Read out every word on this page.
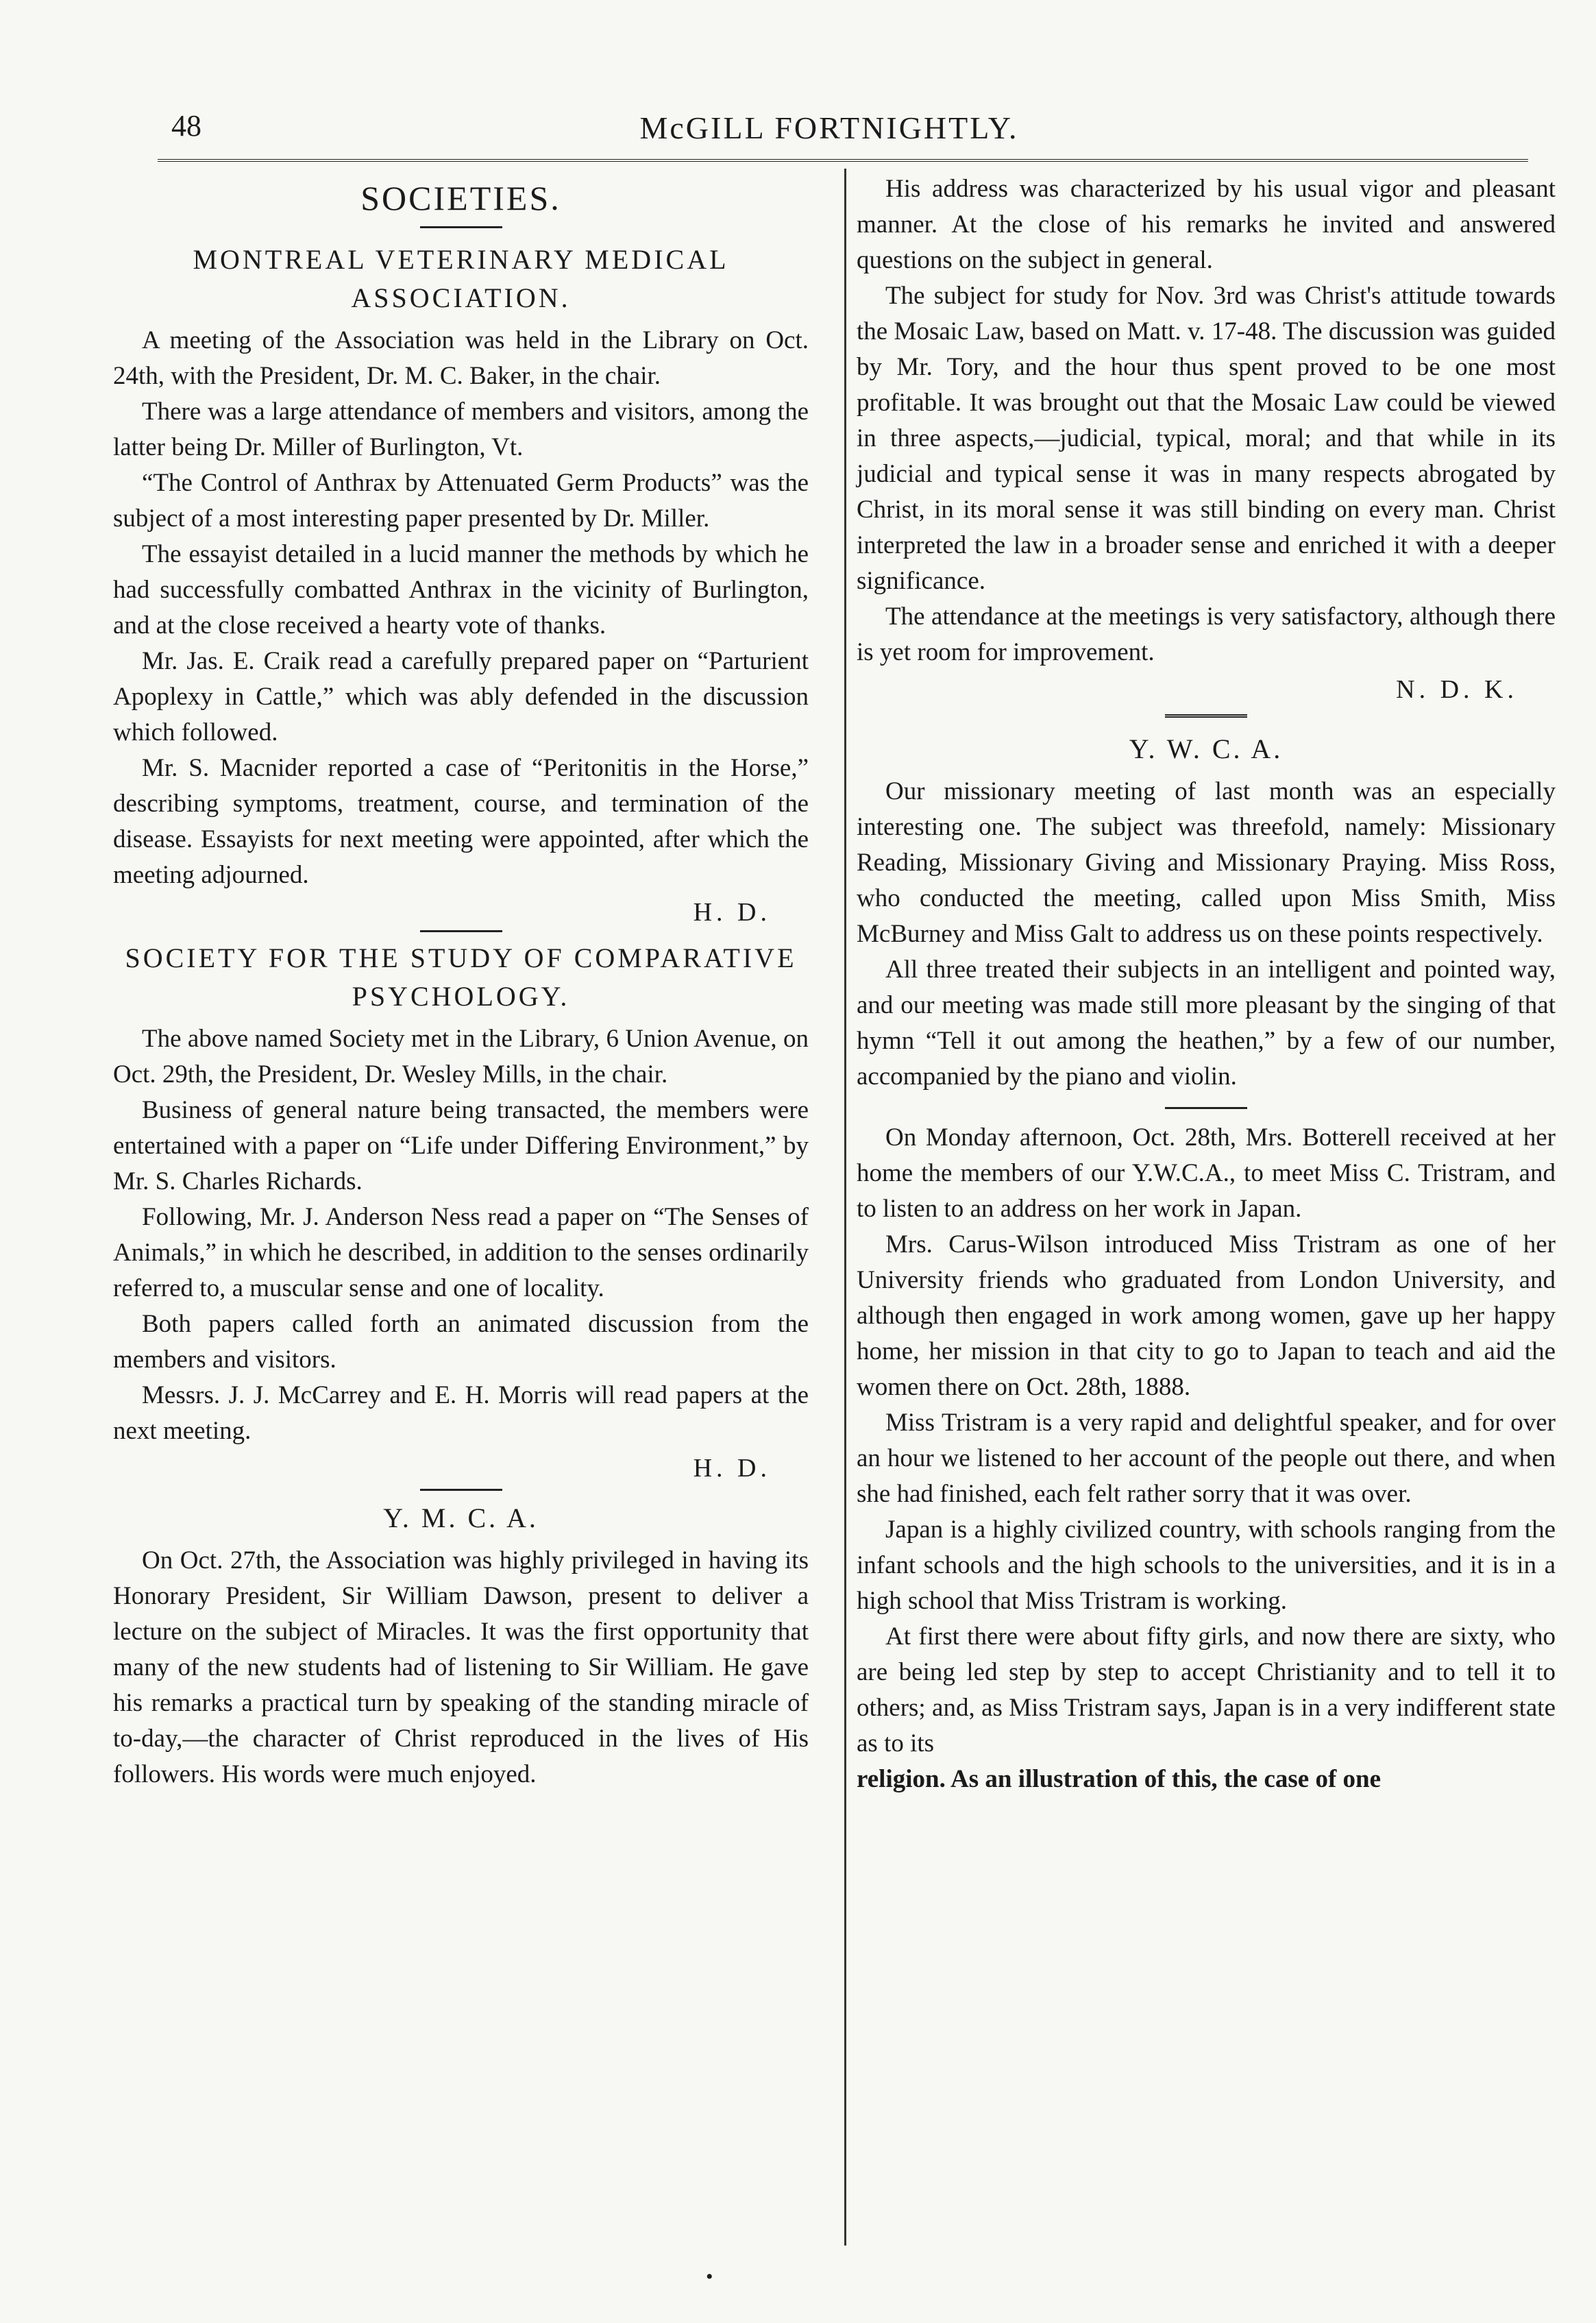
48	McGILL FORTNIGHTLY.
SOCIETIES.
MONTREAL VETERINARY MEDICAL ASSOCIATION.

A meeting of the Association was held in the Library on Oct. 24th, with the President, Dr. M. C. Baker, in the chair.

There was a large attendance of members and visitors, among the latter being Dr. Miller of Burlington, Vt.

“The Control of Anthrax by Attenuated Germ Products” was the subject of a most interesting paper presented by Dr. Miller.

The essayist detailed in a lucid manner the methods by which he had successfully combatted Anthrax in the vicinity of Burlington, and at the close received a hearty vote of thanks.

Mr. Jas. E. Craik read a carefully prepared paper on “Parturient Apoplexy in Cattle,” which was ably defended in the discussion which followed.

Mr. S. Macnider reported a case of “Peritonitis in the Horse,” describing symptoms, treatment, course, and termination of the disease. Essayists for next meeting were appointed, after which the meeting adjourned.

H. D.
SOCIETY FOR THE STUDY OF COMPARATIVE PSYCHOLOGY.

The above named Society met in the Library, 6 Union Avenue, on Oct. 29th, the President, Dr. Wesley Mills, in the chair.

Business of general nature being transacted, the members were entertained with a paper on “Life under Differing Environment,” by Mr. S. Charles Richards.

Following, Mr. J. Anderson Ness read a paper on “The Senses of Animals,” in which he described, in addition to the senses ordinarily referred to, a muscular sense and one of locality.

Both papers called forth an animated discussion from the members and visitors.

Messrs. J. J. McCarrey and E. H. Morris will read papers at the next meeting.

H. D.
Y. M. C. A.

On Oct. 27th, the Association was highly privileged in having its Honorary President, Sir William Dawson, present to deliver a lecture on the subject of Miracles. It was the first opportunity that many of the new students had of listening to Sir William. He gave his remarks a practical turn by speaking of the standing miracle of to-day,—the character of Christ reproduced in the lives of His followers. His words were much enjoyed.

His address was characterized by his usual vigor and pleasant manner. At the close of his remarks he invited and answered questions on the subject in general.

The subject for study for Nov. 3rd was Christ's attitude towards the Mosaic Law, based on Matt. v. 17-48. The discussion was guided by Mr. Tory, and the hour thus spent proved to be one most profitable. It was brought out that the Mosaic Law could be viewed in three aspects,—judicial, typical, moral; and that while in its judicial and typical sense it was in many respects abrogated by Christ, in its moral sense it was still binding on every man. Christ interpreted the law in a broader sense and enriched it with a deeper significance.

The attendance at the meetings is very satisfactory, although there is yet room for improvement.

N. D. K.
Y. W. C. A.

Our missionary meeting of last month was an especially interesting one. The subject was threefold, namely: Missionary Reading, Missionary Giving and Missionary Praying. Miss Ross, who conducted the meeting, called upon Miss Smith, Miss McBurney and Miss Galt to address us on these points respectively.

All three treated their subjects in an intelligent and pointed way, and our meeting was made still more pleasant by the singing of that hymn “Tell it out among the heathen,” by a few of our number, accompanied by the piano and violin.

On Monday afternoon, Oct. 28th, Mrs. Botterell received at her home the members of our Y.W.C.A., to meet Miss C. Tristram, and to listen to an address on her work in Japan.

Mrs. Carus-Wilson introduced Miss Tristram as one of her University friends who graduated from London University, and although then engaged in work among women, gave up her happy home, her mission in that city to go to Japan to teach and aid the women there on Oct. 28th, 1888.

Miss Tristram is a very rapid and delightful speaker, and for over an hour we listened to her account of the people out there, and when she had finished, each felt rather sorry that it was over.

Japan is a highly civilized country, with schools ranging from the infant schools and the high schools to the universities, and it is in a high school that Miss Tristram is working.

At first there were about fifty girls, and now there are sixty, who are being led step by step to accept Christianity and to tell it to others; and, as Miss Tristram says, Japan is in a very indifferent state as to its

religion. As an illustration of this, the case of one

•
